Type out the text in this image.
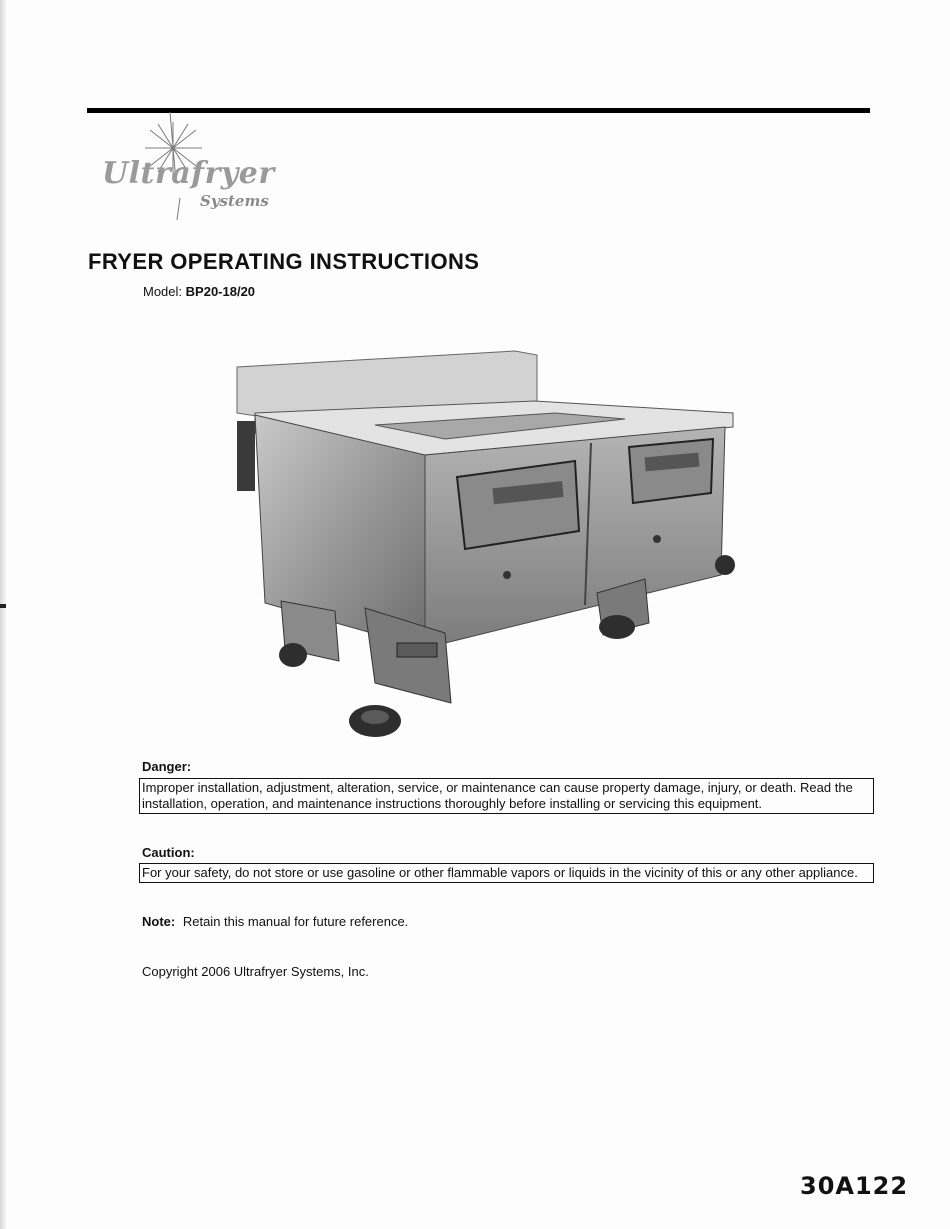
Ultrafryer
Systems
FRYER OPERATING INSTRUCTIONS
Model: BP20-18/20
Danger:
Improper installation, adjustment, alteration, service, or maintenance can cause property damage, injury, or death. Read the installation, operation, and maintenance instructions thoroughly before installing or servicing this equipment.
Caution:
For your safety, do not store or use gasoline or other flammable vapors or liquids in the vicinity of this or any other appliance.
Note: Retain this manual for future reference.
Copyright 2006 Ultrafryer Systems, Inc.
30A122
